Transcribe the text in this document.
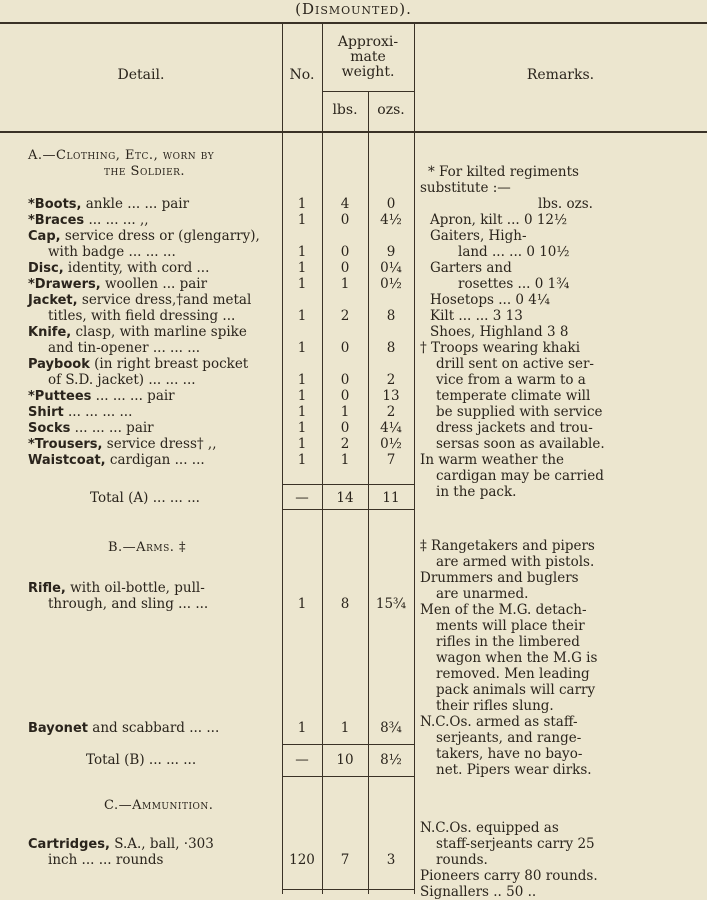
(Dismounted).
Detail.	No.
Approxi-
mate
weight.
lbs.	ozs.
Remarks.
A.—Clothing, Etc., worn by
the Soldier.
*Boots, ankle ... ... pair	1	4	0
*Braces ... ... ... ,,	1	0	4½
Cap, service dress or (glengarry),
with badge ... ... ...	1	0	9
Disc, identity, with cord ...	1	0	0¼
*Drawers, woollen ... pair	1	1	0½
Jacket, service dress,†and metal
titles, with field dressing ...	1	2	8
Knife, clasp, with marline spike
and tin-opener ... ... ...	1	0	8
Paybook (in right breast pocket
of S.D. jacket) ... ... ...	1	0	2
*Puttees ... ... ... pair	1	0	13
Shirt ... ... ... ...	1	1	2
Socks ... ... ... pair	1	0	4¼
*Trousers, service dress† ,,	1	2	0½
Waistcoat, cardigan ... ...	1	1	7
Total (A) ... ... ...	—	14	11
B.—Arms. ‡
Rifle, with oil-bottle, pull-
through, and sling ... ...	1	8	15¾
Bayonet and scabbard ... ...	1	1	8¾
Total (B) ... ... ...	—	10	8½
C.—Ammunition.
Cartridges, S.A., ball, ·303
inch ... ... rounds	120	7	3
* For kilted regiments
substitute :—
lbs. ozs.
Apron, kilt ... 0 12½
Gaiters, High-
land ... ... 0 10½
Garters and
rosettes ... 0 1¾
Hosetops ... 0 4¼
Kilt ... ... 3 13
Shoes, Highland 3 8
† Troops wearing khaki
drill sent on active ser-
vice from a warm to a
temperate climate will
be supplied with service
dress jackets and trou-
sersas soon as available.
In warm weather the
cardigan may be carried
in the pack.
‡ Rangetakers and pipers
are armed with pistols.
Drummers and buglers
are unarmed.
Men of the M.G. detach-
ments will place their
rifles in the limbered
wagon when the M.G is
removed. Men leading
pack animals will carry
their rifles slung.
N.C.Os. armed as staff-
serjeants, and range-
takers, have no bayo-
net. Pipers wear dirks.
N.C.Os. equipped as
staff-serjeants carry 25
rounds.
Pioneers carry 80 rounds.
Signallers .. 50 ..
